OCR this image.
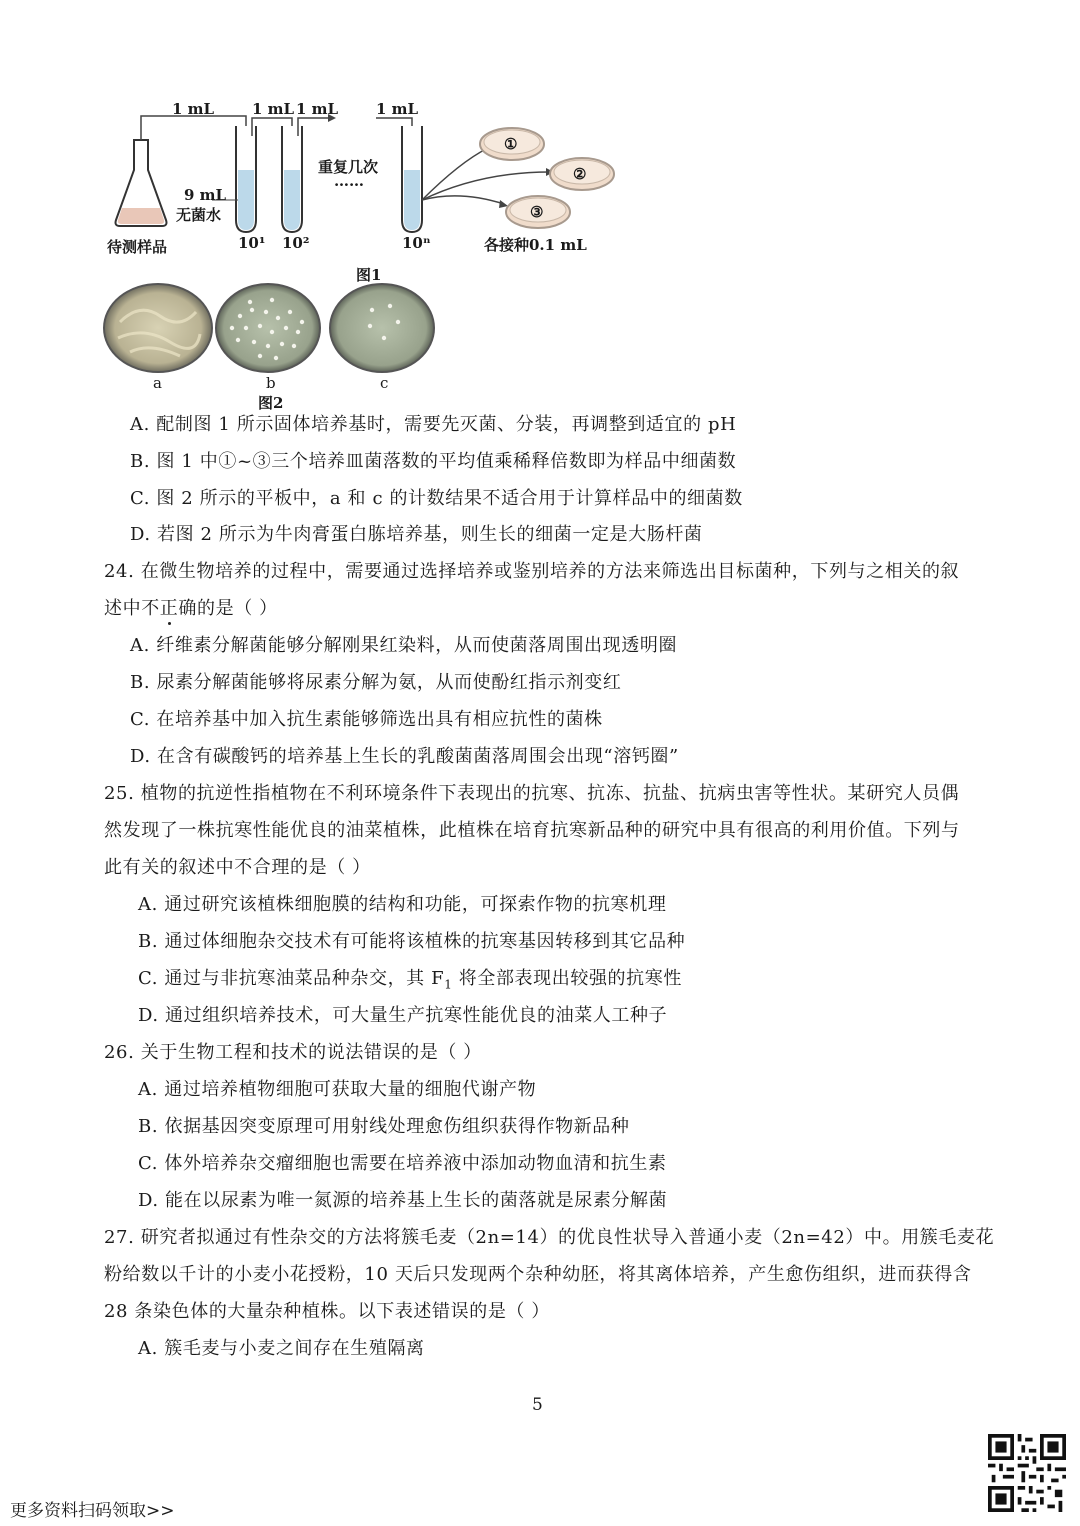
1 mL	1 mL 1 mL	1 mL
重复几次
……
9 mL
无菌水
待测样品	10¹ 10²	10ⁿ
①
②
③
各接种0.1 mL
图1
a	b	c
图2
A. 配制图 1 所示固体培养基时，需要先灭菌、分装，再调整到适宜的 pH
B. 图 1 中①~③三个培养皿菌落数的平均值乘稀释倍数即为样品中细菌数
C. 图 2 所示的平板中，a 和 c 的计数结果不适合用于计算样品中的细菌数
D. 若图 2 所示为牛肉膏蛋白胨培养基，则生长的细菌一定是大肠杆菌
24. 在微生物培养的过程中，需要通过选择培养或鉴别培养的方法来筛选出目标菌种，下列与之相关的叙
述中不正确的是（ ）
A. 纤维素分解菌能够分解刚果红染料，从而使菌落周围出现透明圈
B. 尿素分解菌能够将尿素分解为氨，从而使酚红指示剂变红
C. 在培养基中加入抗生素能够筛选出具有相应抗性的菌株
D. 在含有碳酸钙的培养基上生长的乳酸菌菌落周围会出现“溶钙圈”
25. 植物的抗逆性指植物在不利环境条件下表现出的抗寒、抗冻、抗盐、抗病虫害等性状。某研究人员偶
然发现了一株抗寒性能优良的油菜植株，此植株在培育抗寒新品种的研究中具有很高的利用价值。下列与
此有关的叙述中不合理的是（ ）
A. 通过研究该植株细胞膜的结构和功能，可探索作物的抗寒机理
B. 通过体细胞杂交技术有可能将该植株的抗寒基因转移到其它品种
C. 通过与非抗寒油菜品种杂交，其 $F_1$ 将全部表现出较强的抗寒性
D. 通过组织培养技术，可大量生产抗寒性能优良的油菜人工种子
26. 关于生物工程和技术的说法错误的是（ ）
A. 通过培养植物细胞可获取大量的细胞代谢产物
B. 依据基因突变原理可用射线处理愈伤组织获得作物新品种
C. 体外培养杂交瘤细胞也需要在培养液中添加动物血清和抗生素
D. 能在以尿素为唯一氮源的培养基上生长的菌落就是尿素分解菌
27. 研究者拟通过有性杂交的方法将簇毛麦（2n=14）的优良性状导入普通小麦（2n=42）中。用簇毛麦花
粉给数以千计的小麦小花授粉，10 天后只发现两个杂种幼胚，将其离体培养，产生愈伤组织，进而获得含
28 条染色体的大量杂种植株。以下表述错误的是（ ）
A. 簇毛麦与小麦之间存在生殖隔离
5
更多资料扫码领取>>
